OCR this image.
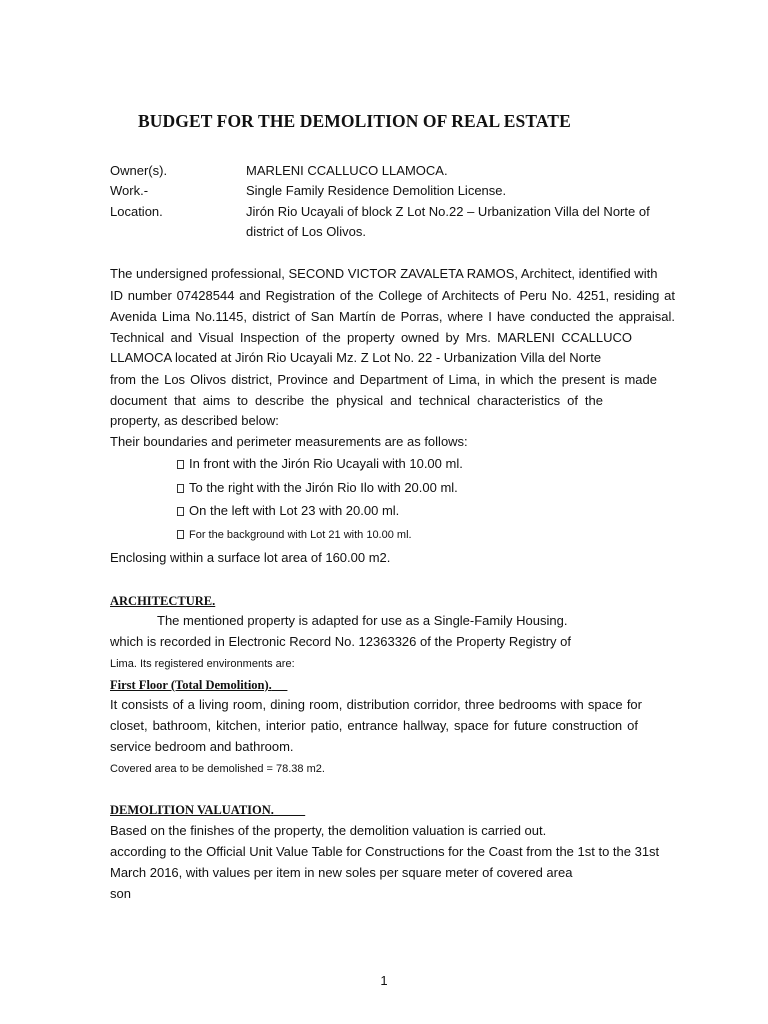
BUDGET FOR THE DEMOLITION OF REAL ESTATE
Owner(s).	MARLENI CCALLUCO LLAMOCA.
Work.-	Single Family Residence Demolition License.
Location.	Jirón Rio Ucayali of block Z Lot No.22 – Urbanization Villa del Norte of
district of Los Olivos.
The undersigned professional, SECOND VICTOR ZAVALETA RAMOS, Architect, identified with
ID number 07428544 and Registration of the College of Architects of Peru No. 4251, residing at
Avenida Lima No.1145, district of San Martín de Porras, where I have conducted the appraisal.
Technical and Visual Inspection of the property owned by Mrs. MARLENI CCALLUCO
LLAMOCA located at Jirón Rio Ucayali Mz. Z Lot No. 22 - Urbanization Villa del Norte
from the Los Olivos district, Province and Department of Lima, in which the present is made
document that aims to describe the physical and technical characteristics of the
property, as described below:
Their boundaries and perimeter measurements are as follows:
In front with the Jirón Rio Ucayali with 10.00 ml.
To the right with the Jirón Rio Ilo with 20.00 ml.
On the left with Lot 23 with 20.00 ml.
For the background with Lot 21 with 10.00 ml.
Enclosing within a surface lot area of 160.00 m2.
ARCHITECTURE.
The mentioned property is adapted for use as a Single-Family Housing.
which is recorded in Electronic Record No. 12363326 of the Property Registry of
Lima. Its registered environments are:
First Floor (Total Demolition).
It consists of a living room, dining room, distribution corridor, three bedrooms with space for
closet, bathroom, kitchen, interior patio, entrance hallway, space for future construction of
service bedroom and bathroom.
Covered area to be demolished = 78.38 m2.
DEMOLITION VALUATION.
Based on the finishes of the property, the demolition valuation is carried out.
according to the Official Unit Value Table for Constructions for the Coast from the 1st to the 31st
March 2016, with values per item in new soles per square meter of covered area
son
1
